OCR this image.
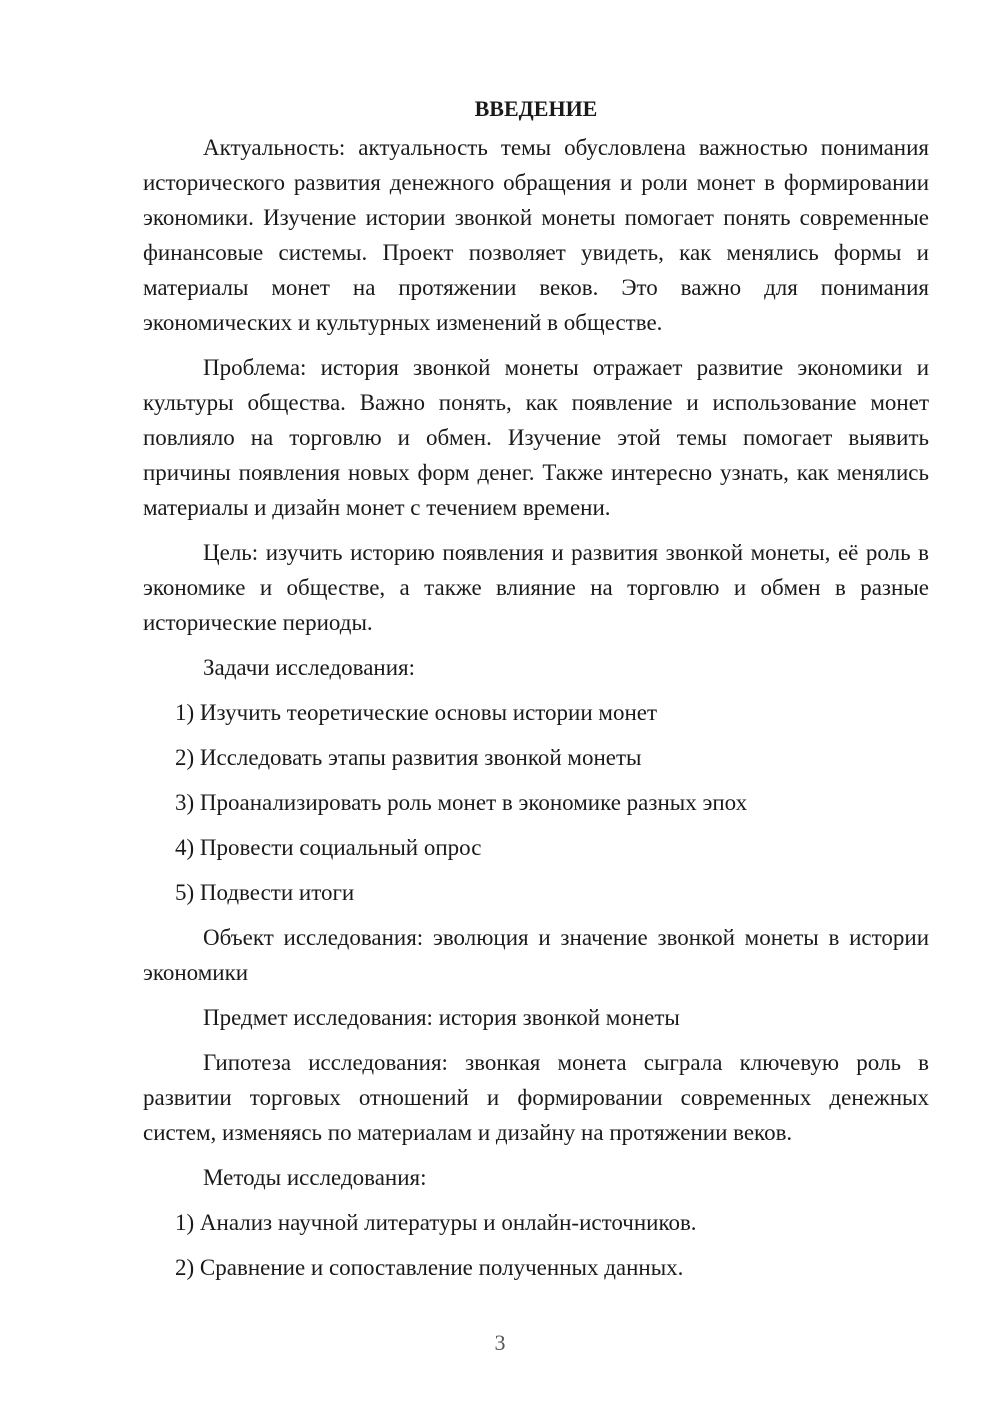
ВВЕДЕНИЕ

Актуальность: актуальность темы обусловлена важностью понимания исторического развития денежного обращения и роли монет в формировании экономики. Изучение истории звонкой монеты помогает понять современные финансовые системы. Проект позволяет увидеть, как менялись формы и материалы монет на протяжении веков. Это важно для понимания экономических и культурных изменений в обществе.

Проблема: история звонкой монеты отражает развитие экономики и культуры общества. Важно понять, как появление и использование монет повлияло на торговлю и обмен. Изучение этой темы помогает выявить причины появления новых форм денег. Также интересно узнать, как менялись материалы и дизайн монет с течением времени.

Цель: изучить историю появления и развития звонкой монеты, её роль в экономике и обществе, а также влияние на торговлю и обмен в разные исторические периоды.

Задачи исследования:

1) Изучить теоретические основы истории монет

2) Исследовать этапы развития звонкой монеты

3) Проанализировать роль монет в экономике разных эпох

4) Провести социальный опрос

5) Подвести итоги

Объект исследования: эволюция и значение звонкой монеты в истории экономики

Предмет исследования: история звонкой монеты

Гипотеза исследования: звонкая монета сыграла ключевую роль в развитии торговых отношений и формировании современных денежных систем, изменяясь по материалам и дизайну на протяжении веков.

Методы исследования:

1) Анализ научной литературы и онлайн-источников.

2) Сравнение и сопоставление полученных данных.

3
